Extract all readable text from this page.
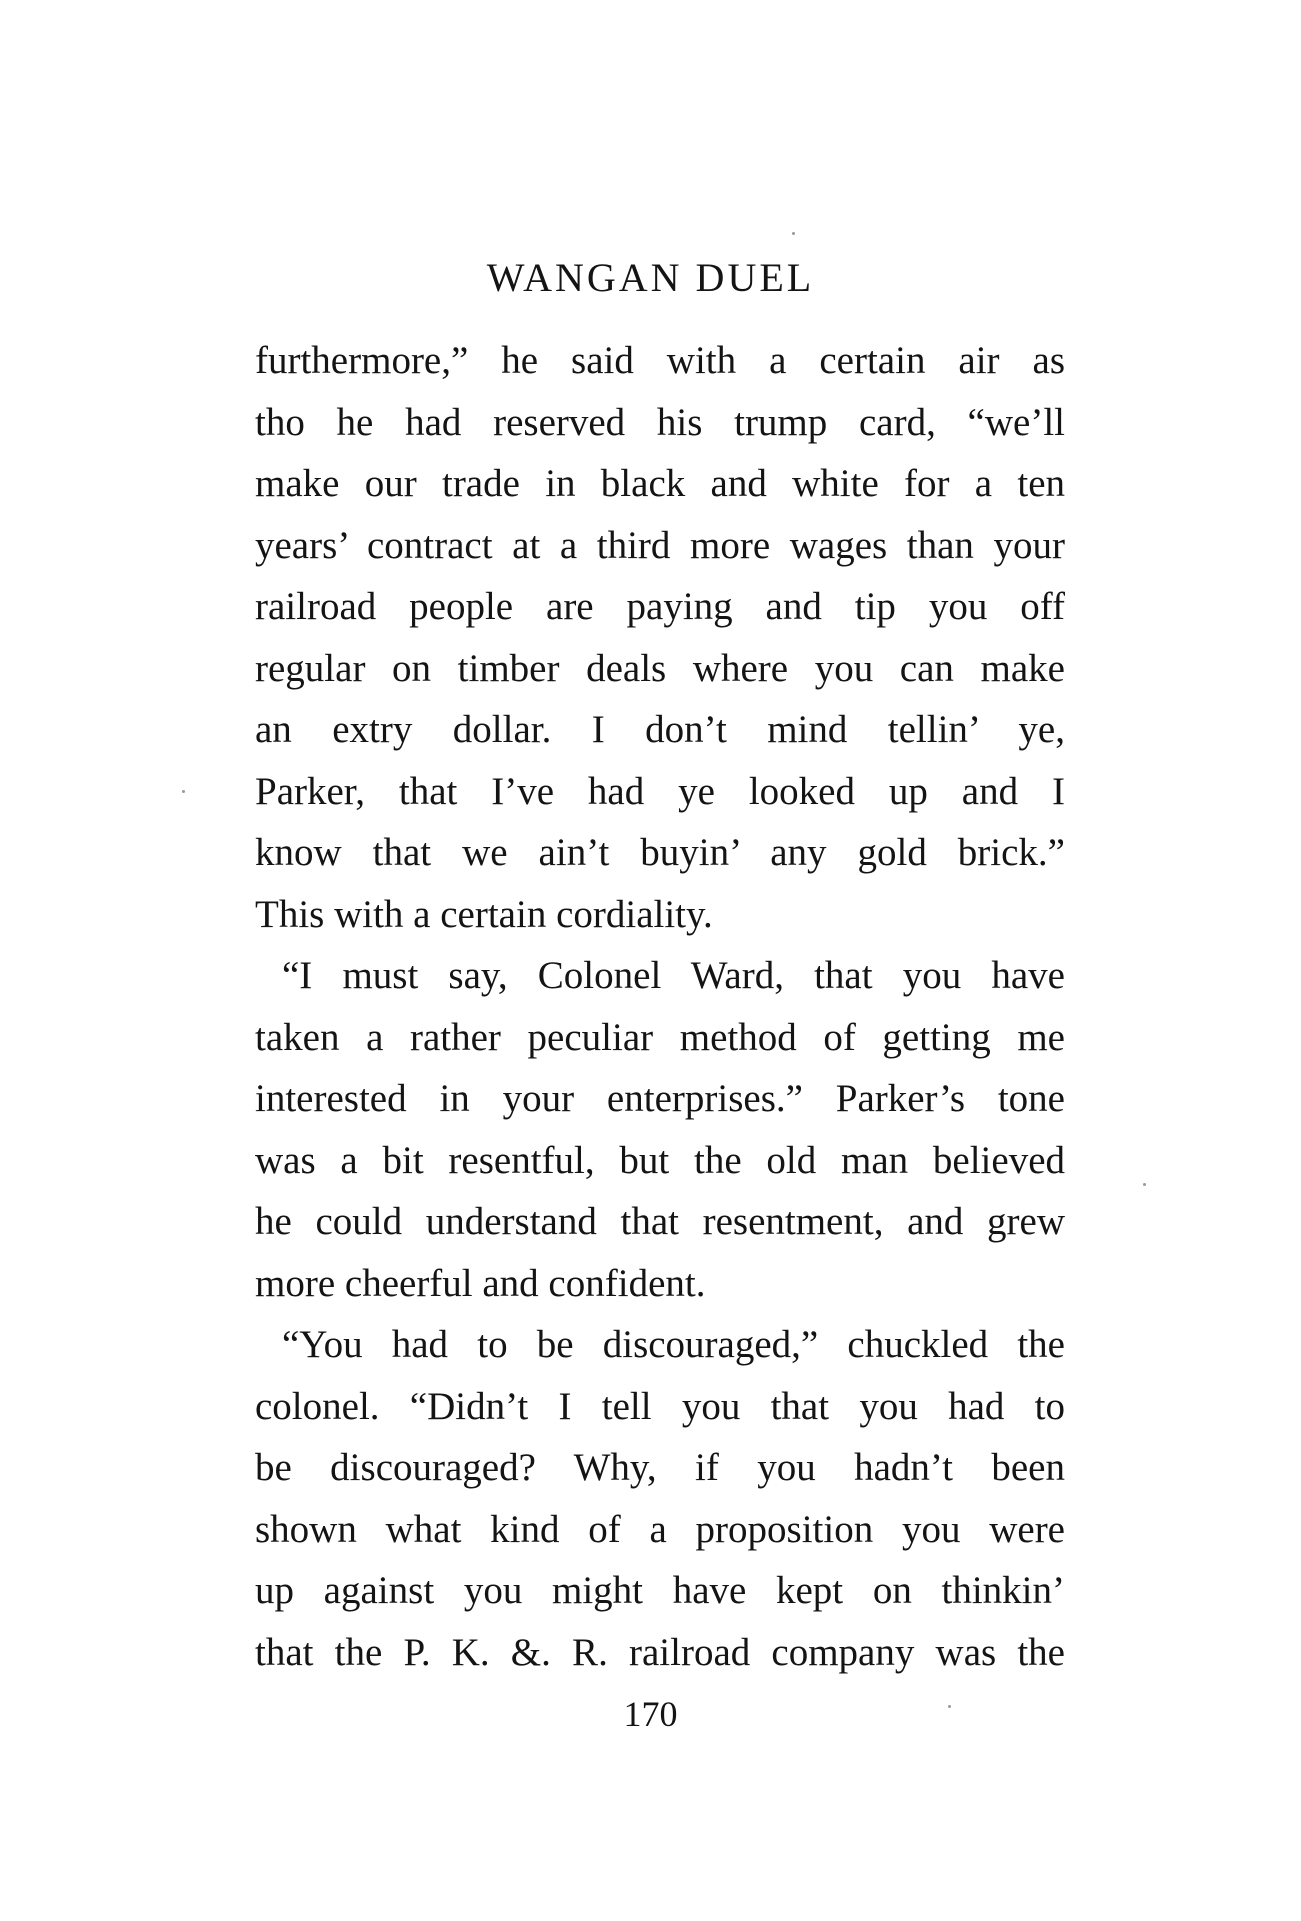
WANGAN DUEL
furthermore,” he said with a certain air as
tho he had reserved his trump card, “we’ll
make our trade in black and white for a ten
years’ contract at a third more wages than your
railroad people are paying and tip you off
regular on timber deals where you can make
an extry dollar. I don’t mind tellin’ ye,
Parker, that I’ve had ye looked up and I
know that we ain’t buyin’ any gold brick.”
This with a certain cordiality.
“I must say, Colonel Ward, that you have
taken a rather peculiar method of getting me
interested in your enterprises.” Parker’s tone
was a bit resentful, but the old man believed
he could understand that resentment, and grew
more cheerful and confident.
“You had to be discouraged,” chuckled the
colonel. “Didn’t I tell you that you had to
be discouraged? Why, if you hadn’t been
shown what kind of a proposition you were
up against you might have kept on thinkin’
that the P. K. &. R. railroad company was the
170
